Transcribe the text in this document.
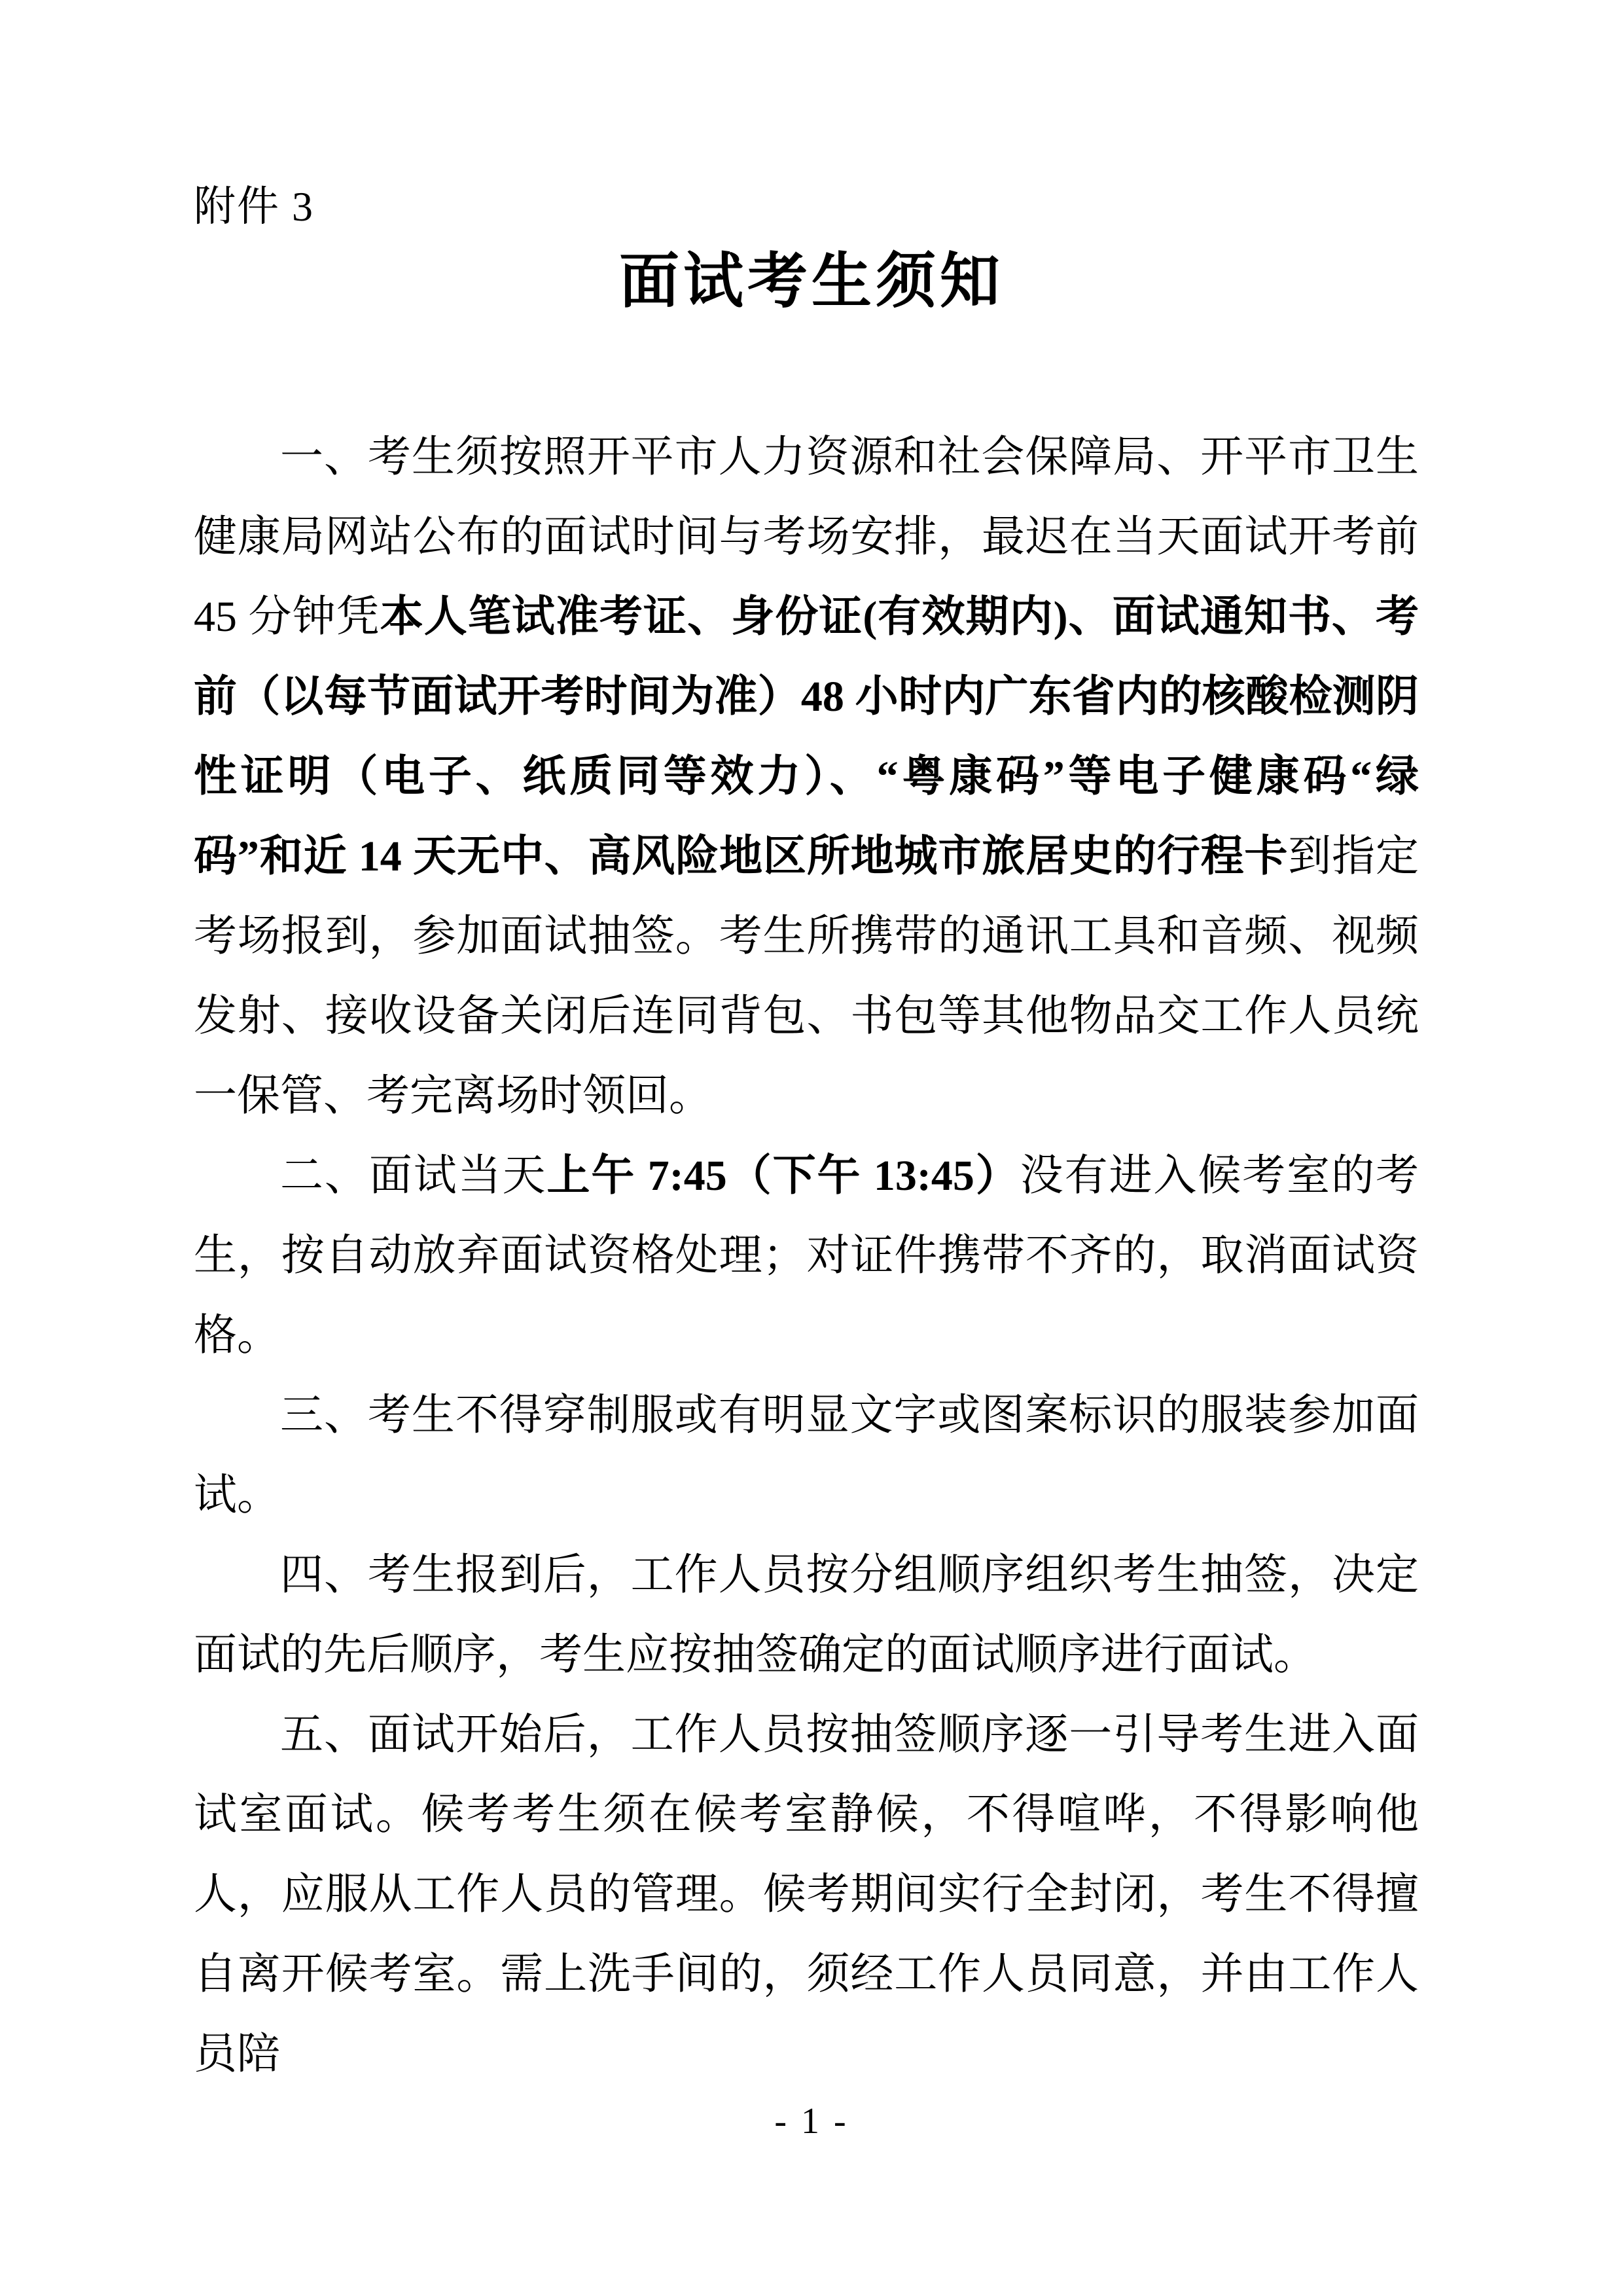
附件 3
面试考生须知

一、考生须按照开平市人力资源和社会保障局、开平市卫生健康局网站公布的面试时间与考场安排，最迟在当天面试开考前 45 分钟凭本人笔试准考证、身份证(有效期内)、面试通知书、考前（以每节面试开考时间为准）48 小时内广东省内的核酸检测阴性证明（电子、纸质同等效力）、“粤康码”等电子健康码“绿码”和近 14 天无中、高风险地区所地城市旅居史的行程卡到指定考场报到，参加面试抽签。考生所携带的通讯工具和音频、视频发射、接收设备关闭后连同背包、书包等其他物品交工作人员统一保管、考完离场时领回。

二、面试当天上午 7:45（下午 13:45）没有进入候考室的考生，按自动放弃面试资格处理；对证件携带不齐的，取消面试资格。

三、考生不得穿制服或有明显文字或图案标识的服装参加面试。

四、考生报到后，工作人员按分组顺序组织考生抽签，决定面试的先后顺序，考生应按抽签确定的面试顺序进行面试。

五、面试开始后，工作人员按抽签顺序逐一引导考生进入面试室面试。候考考生须在候考室静候，不得喧哗，不得影响他人，应服从工作人员的管理。候考期间实行全封闭，考生不得擅自离开候考室。需上洗手间的，须经工作人员同意，并由工作人员陪

- 1 -
